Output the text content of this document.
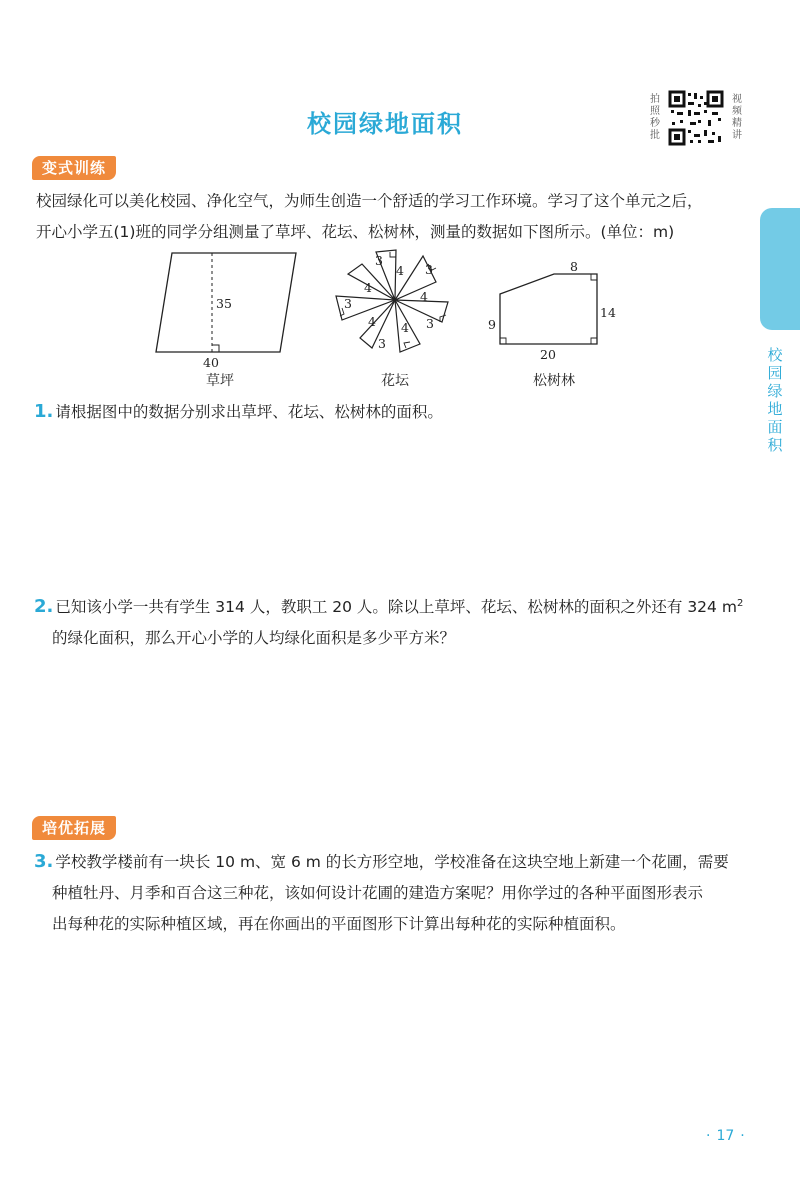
校园绿地面积
拍照秒批
视频精讲
校园绿地面积
变式训练
校园绿化可以美化校园、净化空气，为师生创造一个舒适的学习工作环境。学习了这个单元之后，
开心小学五(1)班的同学分组测量了草坪、花坛、松树林，测量的数据如下图所示。(单位：m)
35
40
草坪
3
4 3
4
4
3
4	3
4
3
花坛
8
14
9
20
松树林
1. 请根据图中的数据分别求出草坪、花坛、松树林的面积。
2. 已知该小学一共有学生 314 人，教职工 20 人。除以上草坪、花坛、松树林的面积之外还有 324 $m^2$
的绿化面积，那么开心小学的人均绿化面积是多少平方米？
培优拓展
3. 学校教学楼前有一块长 10 m、宽 6 m 的长方形空地，学校准备在这块空地上新建一个花圃，需要
种植牡丹、月季和百合这三种花，该如何设计花圃的建造方案呢？用你学过的各种平面图形表示
出每种花的实际种植区域，再在你画出的平面图形下计算出每种花的实际种植面积。
· 17 ·
